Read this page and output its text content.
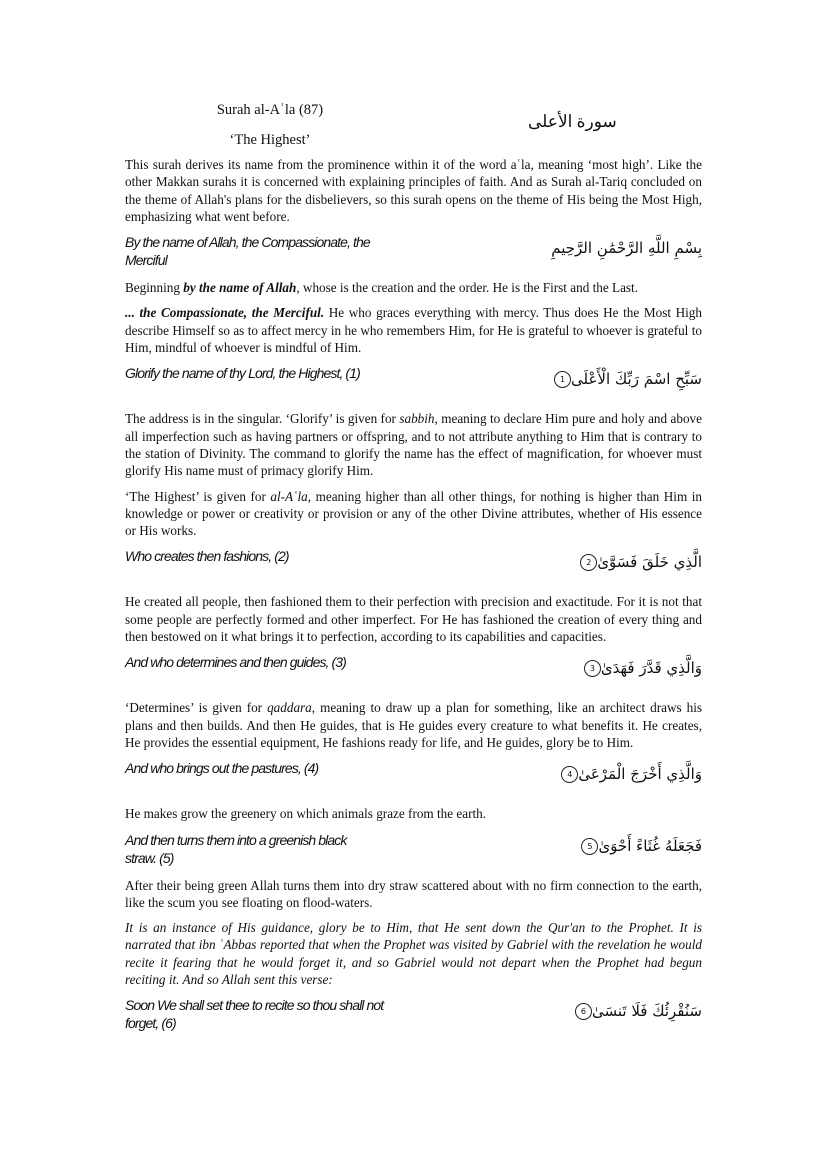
Surah al-Aʿla (87)
‘The Highest’
سورة الأعلى

This surah derives its name from the prominence within it of the word aʿla, meaning ‘most high’. Like the other Makkan surahs it is concerned with explaining principles of faith. And as Surah al-Tariq concluded on the theme of Allah's plans for the disbelievers, so this surah opens on the theme of His being the Most High, emphasizing what went before.

By the name of Allah, the Compassionate, the Merciful
بِسْمِ اللَّهِ الرَّحْمَٰنِ الرَّحِيمِ

Beginning by the name of Allah, whose is the creation and the order. He is the First and the Last.

... the Compassionate, the Merciful. He who graces everything with mercy. Thus does He the Most High describe Himself so as to affect mercy in he who remembers Him, for He is grateful to whoever is grateful to Him, mindful of whoever is mindful of Him.

Glorify the name of thy Lord, the Highest, (1)	سَبِّحِ اسْمَ رَبِّكَ الْأَعْلَى1

The address is in the singular. ‘Glorify’ is given for sabbih, meaning to declare Him pure and holy and above all imperfection such as having partners or offspring, and to not attribute anything to Him that is contrary to the station of Divinity. The command to glorify the name has the effect of magnification, for whoever must glorify His name must of primacy glorify Him.

‘The Highest’ is given for al-Aʿla, meaning higher than all other things, for nothing is higher than Him in knowledge or power or creativity or provision or any of the other Divine attributes, whether of His essence or His works.

Who creates then fashions, (2)	الَّذِي خَلَقَ فَسَوَّىٰ2

He created all people, then fashioned them to their perfection with precision and exactitude. For it is not that some people are perfectly formed and other imperfect. For He has fashioned the creation of every thing and then bestowed on it what brings it to perfection, according to its capabilities and capacities.

And who determines and then guides, (3)	وَالَّذِي قَدَّرَ فَهَدَىٰ3

‘Determines’ is given for qaddara, meaning to draw up a plan for something, like an architect draws his plans and then builds. And then He guides, that is He guides every creature to what benefits it. He creates, He provides the essential equipment, He fashions ready for life, and He guides, glory be to Him.

And who brings out the pastures, (4)	وَالَّذِي أَخْرَجَ الْمَرْعَىٰ4

He makes grow the greenery on which animals graze from the earth.

And then turns them into a greenish black straw. (5)
فَجَعَلَهُ غُثَاءً أَحْوَىٰ5

After their being green Allah turns them into dry straw scattered about with no firm connection to the earth, like the scum you see floating on flood-waters.

It is an instance of His guidance, glory be to Him, that He sent down the Qur'an to the Prophet. It is narrated that ibn ʿAbbas reported that when the Prophet was visited by Gabriel with the revelation he would recite it fearing that he would forget it, and so Gabriel would not depart when the Prophet had begun reciting it. And so Allah sent this verse:

Soon We shall set thee to recite so thou shall not forget, (6)
سَنُقْرِئُكَ فَلَا تَنسَىٰ6
